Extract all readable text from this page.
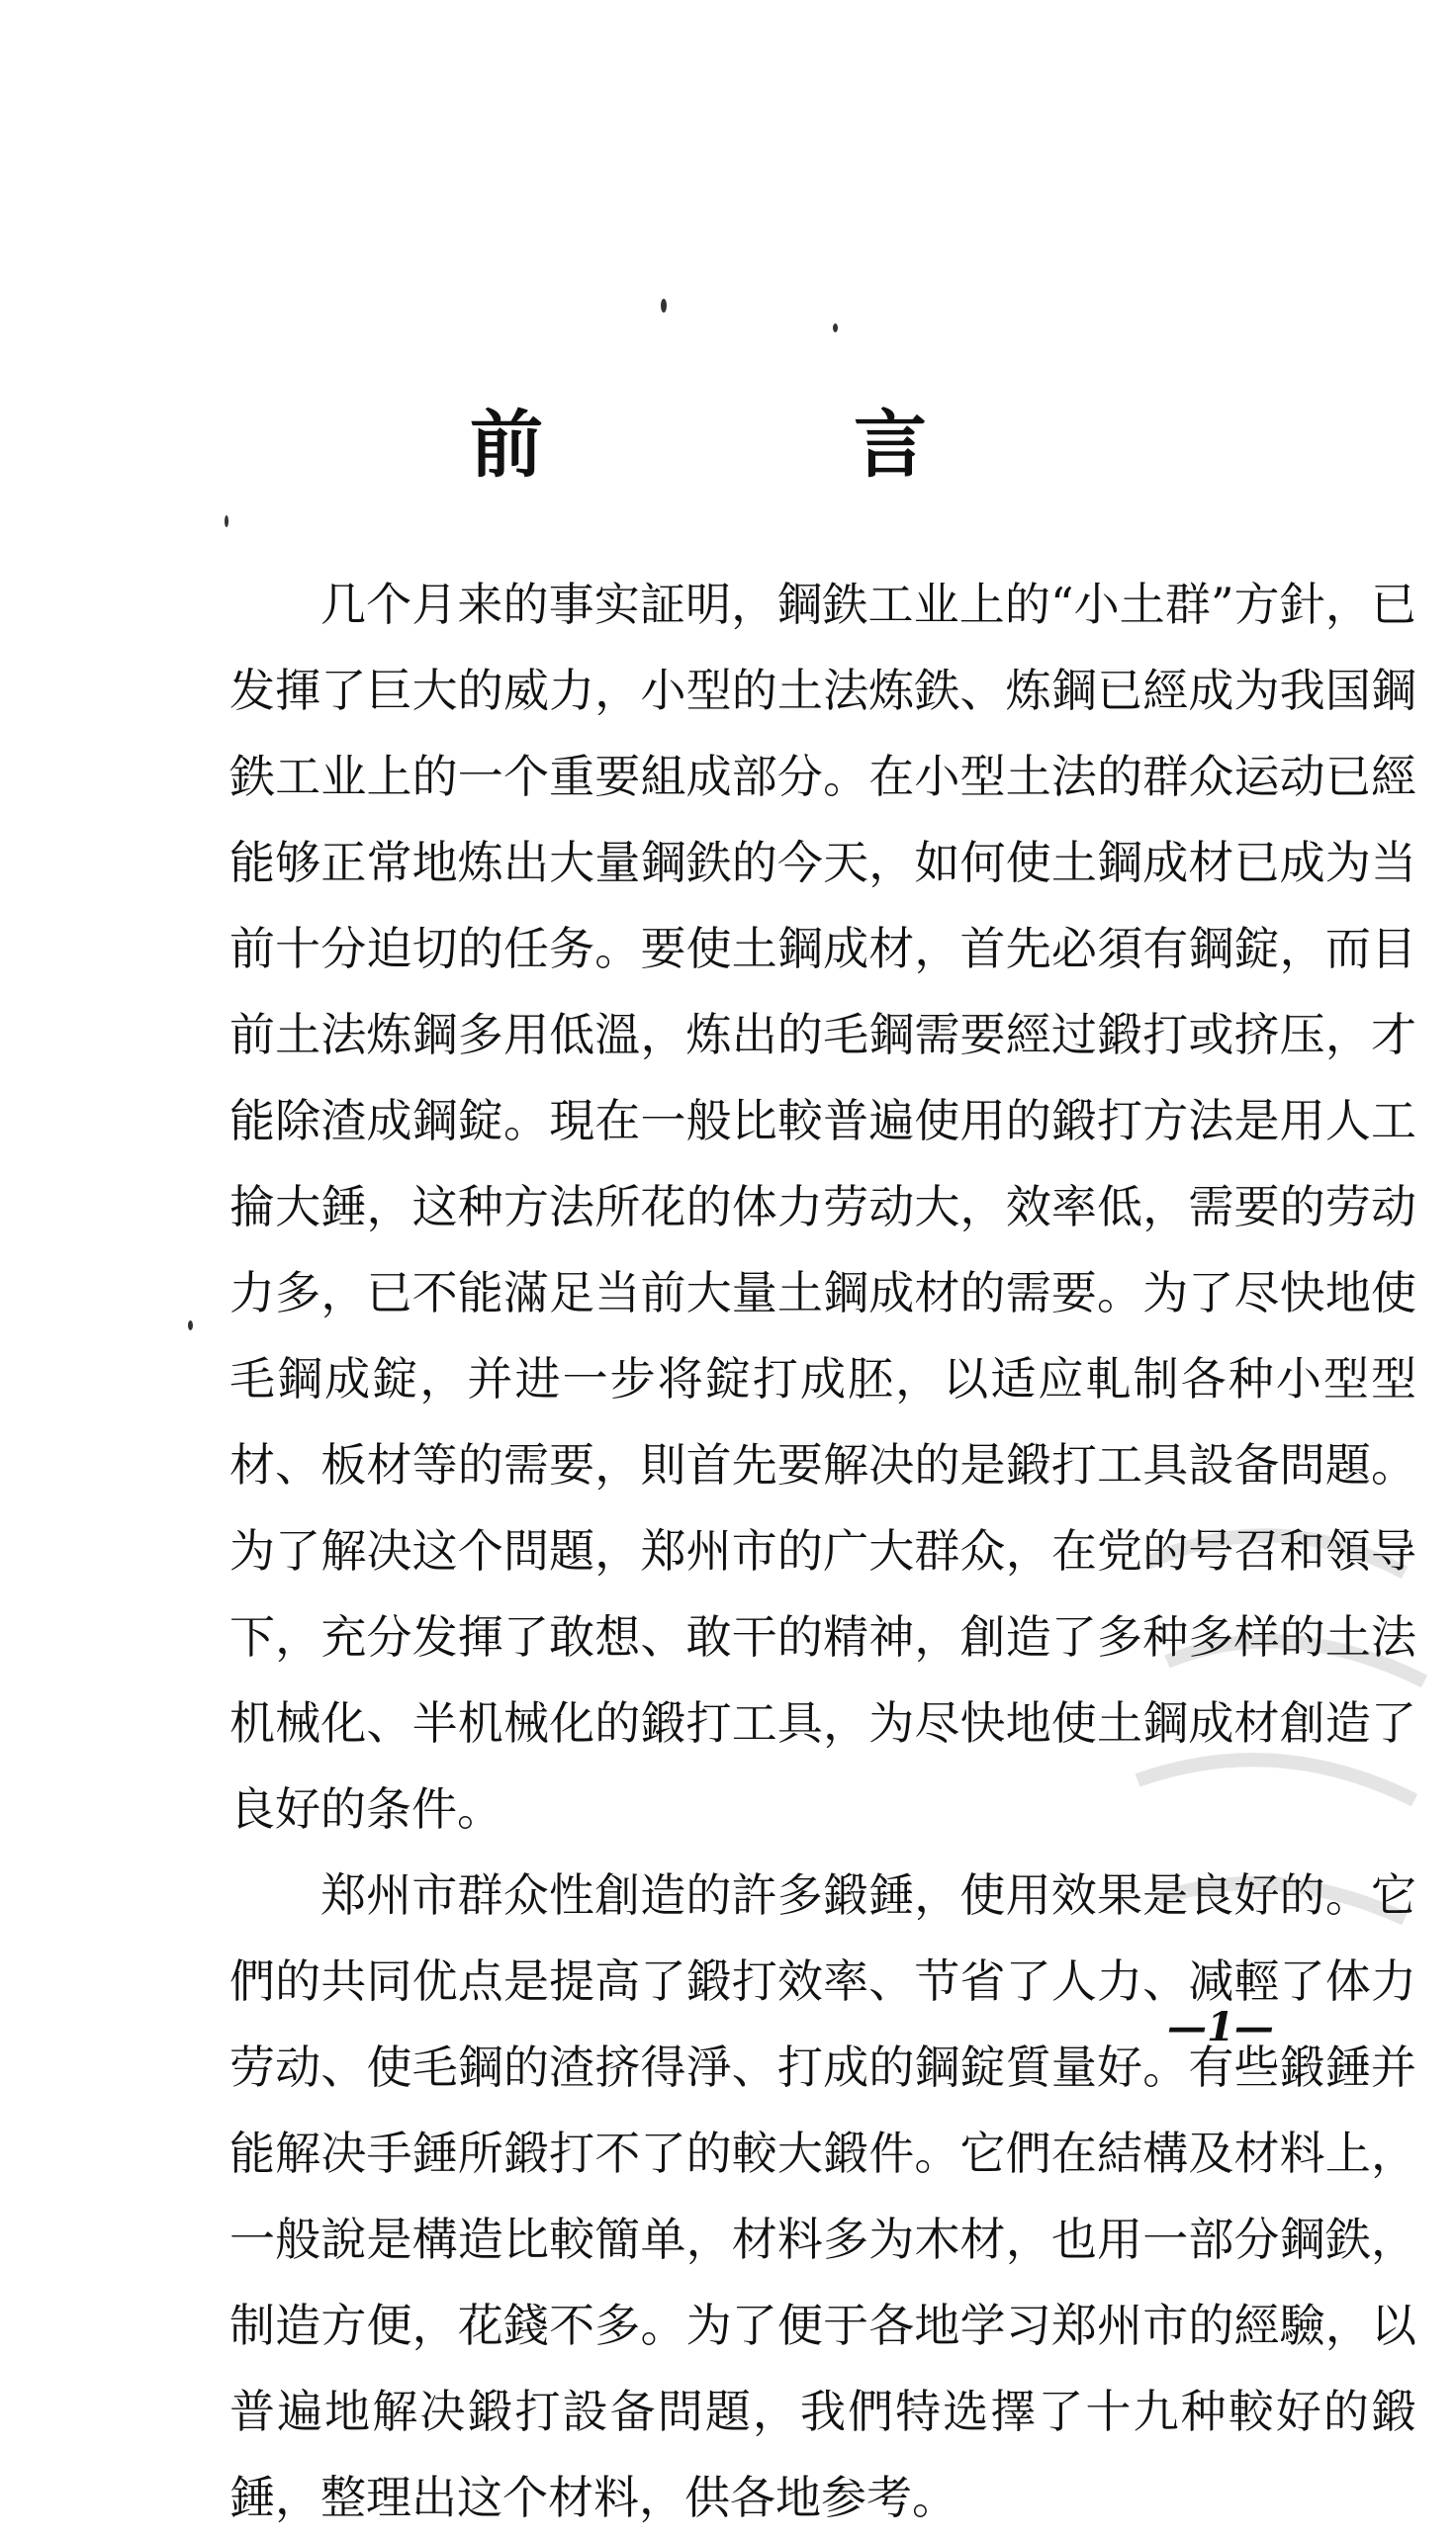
前　言

几个月来的事实証明，鋼鉄工业上的“小土群”方針，已发揮了巨大的威力，小型的土法炼鉄、炼鋼已經成为我国鋼鉄工业上的一个重要組成部分。在小型土法的群众运动已經能够正常地炼出大量鋼鉄的今天，如何使土鋼成材已成为当前十分迫切的任务。要使土鋼成材，首先必須有鋼錠，而目前土法炼鋼多用低溫，炼出的毛鋼需要經过鍛打或挤压，才能除渣成鋼錠。現在一般比較普遍使用的鍛打方法是用人工掄大錘，这种方法所花的体力劳动大，效率低，需要的劳动力多，已不能滿足当前大量土鋼成材的需要。为了尽快地使毛鋼成錠，并进一步将錠打成胚，以适应軋制各种小型型材、板材等的需要，則首先要解决的是鍛打工具設备問題。为了解决这个問題，郑州市的广大群众，在党的号召和領导下，充分发揮了敢想、敢干的精神，創造了多种多样的土法机械化、半机械化的鍛打工具，为尽快地使土鋼成材創造了良好的条件。

郑州市群众性創造的許多鍛錘，使用效果是良好的。它們的共同优点是提高了鍛打效率、节省了人力、减輕了体力劳动、使毛鋼的渣挤得淨、打成的鋼錠質量好。有些鍛錘并能解决手錘所鍛打不了的較大鍛件。它們在結構及材料上，一般說是構造比較簡单，材料多为木材，也用一部分鋼鉄，制造方便，花錢不多。为了便于各地学习郑州市的經驗，以普遍地解决鍛打設备問題，我們特选擇了十九种較好的鍛錘，整理出这个材料，供各地参考。

—1—
